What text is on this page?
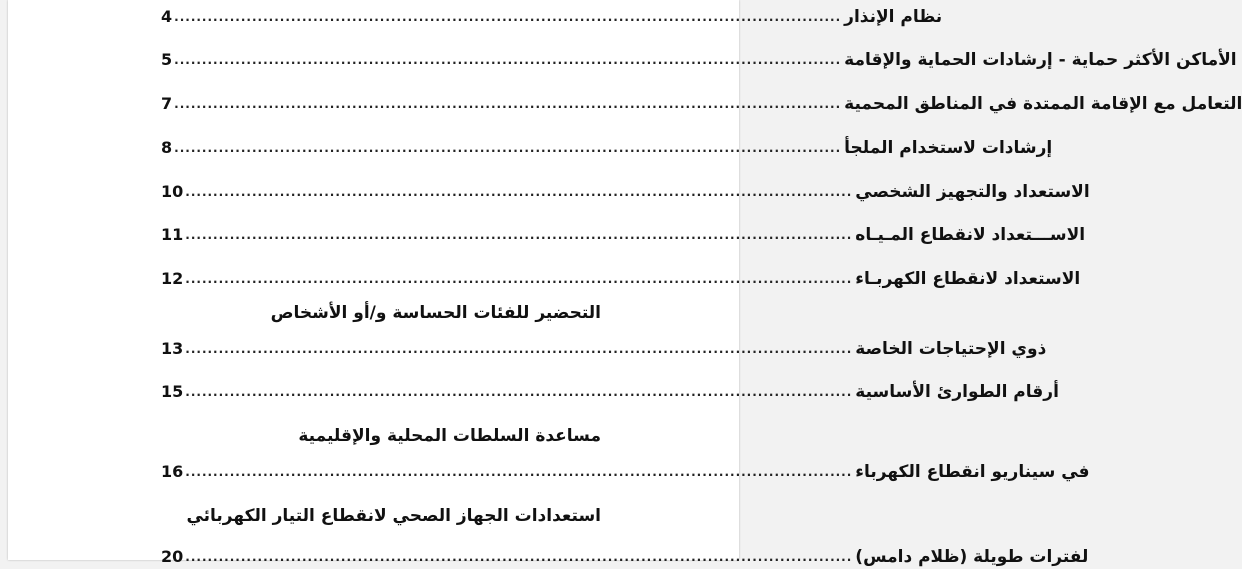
4 ........................................................................................................................ نظام الإنذار
5 ........................................................................................................................ الأماكن الأكثر حماية - إرشادات الحماية والإقامة
7 ........................................................................................................................ التعامل مع الإقامة الممتدة في المناطق المحمية
8 ........................................................................................................................ إرشادات لاستخدام الملجأ
10 ........................................................................................................................ الاستعداد والتجهيز الشخصي
11 ........................................................................................................................ الاســـتعداد لانقطاع المـيـاه
12 ........................................................................................................................ الاستعداد لانقطاع الكهربـاء
التحضير للفئات الحساسة و/أو الأشخاص
13 ........................................................................................................................ ذوي الإحتياجات الخاصة
15 ........................................................................................................................ أرقام الطوارئ الأساسية
مساعدة السلطات المحلية والإقليمية
16 ........................................................................................................................ في سيناريو انقطاع الكهرباء
استعدادات الجهاز الصحي لانقطاع التيار الكهربائي
20 ........................................................................................................................ لفترات طويلة (ظلام دامس)
